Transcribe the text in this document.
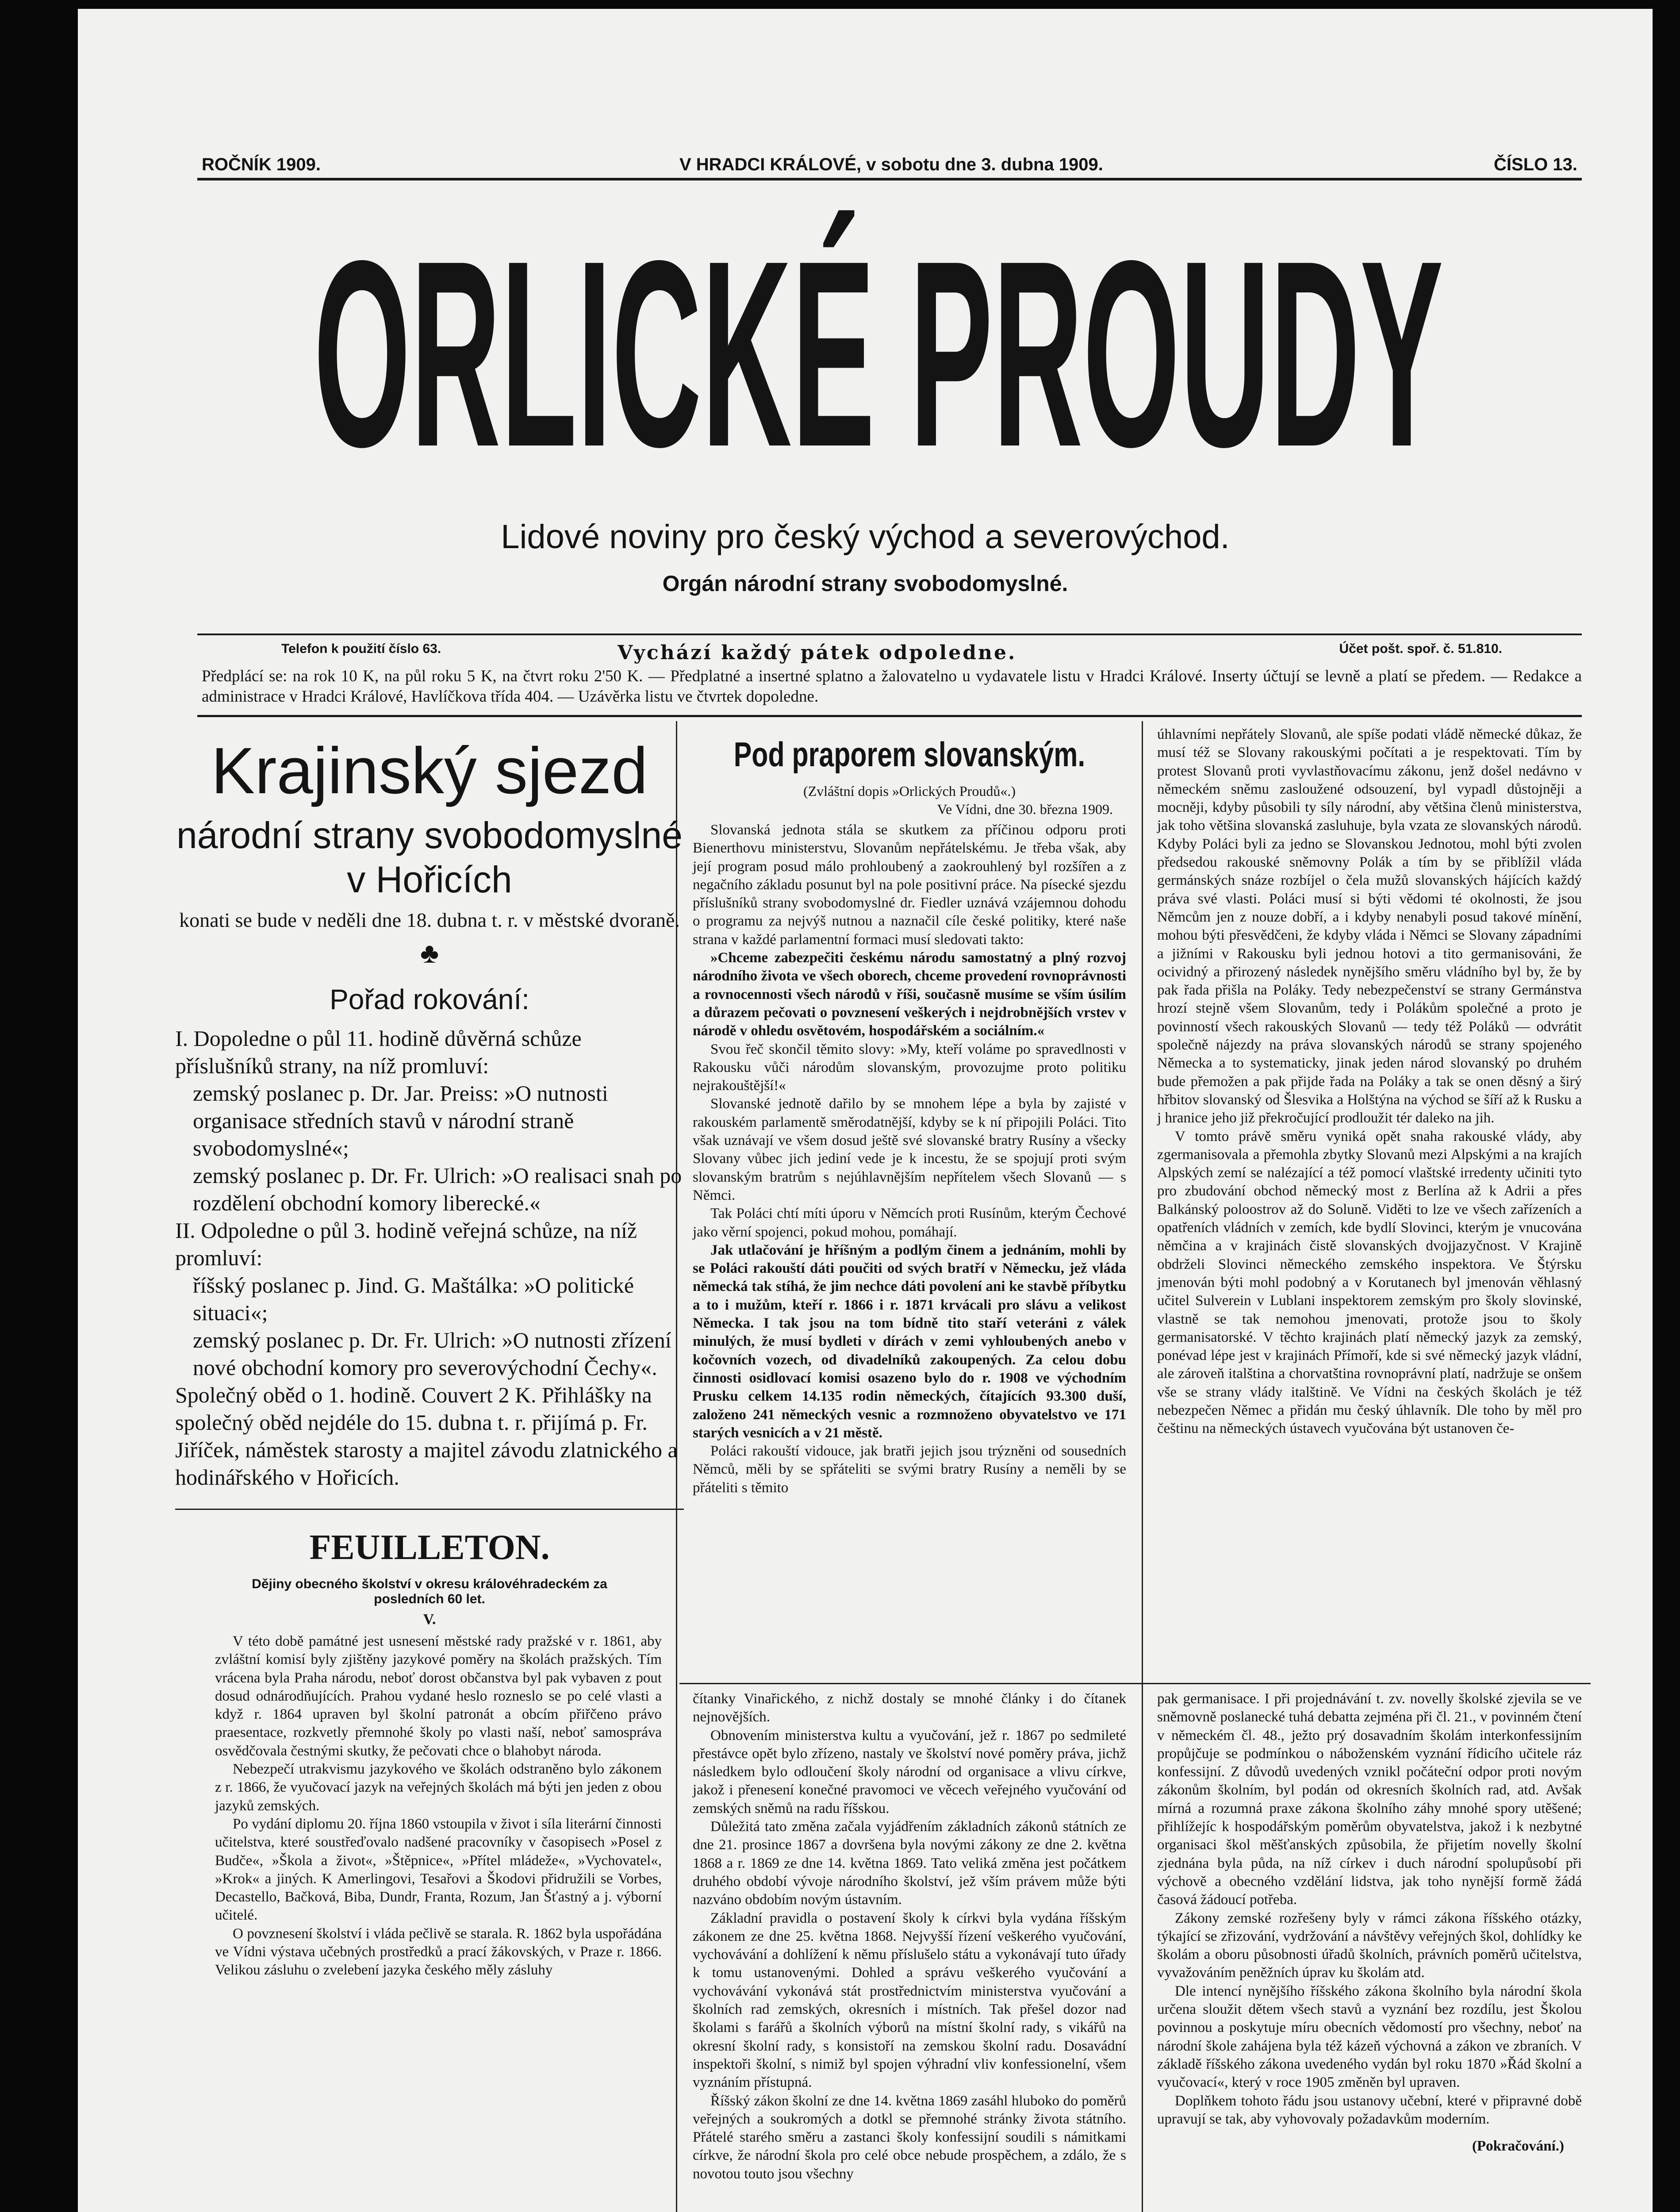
ROČNÍK 1909.	V HRADCI KRÁLOVÉ, v sobotu dne 3. dubna 1909.	ČÍSLO 13.
ORLICKÉ PROUDY
Lidové noviny pro český východ a severovýchod.
Orgán národní strany svobodomyslné.
Telefon k použití číslo 63.	Vychází každý pátek odpoledne.	Účet pošt. spoř. č. 51.810.
Předplácí se: na rok 10 K, na půl roku 5 K, na čtvrt roku 2'50 K. — Předplatné a insertné splatno a žalovatelno u vydavatele listu v Hradci Králové. Inserty účtují se levně a platí se předem. — Redakce a administrace v Hradci Králové, Havlíčkova třída 404. — Uzávěrka listu ve čtvrtek dopoledne.
Krajinský sjezd
národní strany svobodomyslné v Hořicích
konati se bude v neděli dne 18. dubna t. r. v městské dvoraně.
♣
Pořad rokování:
I. Dopoledne o půl 11. hodině důvěrná schůze příslušníků strany, na níž promluví:
zemský poslanec p. Dr. Jar. Preiss: »O nutnosti organisace středních stavů v národní straně svobodomyslné«;
zemský poslanec p. Dr. Fr. Ulrich: »O realisaci snah po rozdělení obchodní komory liberecké.«
II. Odpoledne o půl 3. hodině veřejná schůze, na níž promluví:
říšský poslanec p. Jind. G. Maštálka: »O politické situaci«;
zemský poslanec p. Dr. Fr. Ulrich: »O nutnosti zřízení nové obchodní komory pro severovýchodní Čechy«.
Společný oběd o 1. hodině. Couvert 2 K. Přihlášky na společný oběd nejdéle do 15. dubna t. r. přijímá p. Fr. Jiříček, náměstek starosty a majitel závodu zlatnického a hodinářského v Hořicích.
FEUILLETON.
Dějiny obecného školství v okresu královéhradeckém za posledních 60 let.
V.

V této době památné jest usnesení městské rady pražské v r. 1861, aby zvláštní komisí byly zjištěny jazykové poměry na školách pražských. Tím vrácena byla Praha národu, neboť dorost občanstva byl pak vybaven z pout dosud odnárodňujících. Prahou vydané heslo rozneslo se po celé vlasti a když r. 1864 upraven byl školní patronát a obcím přiřčeno právo praesentace, rozkvetly přemnohé školy po vlasti naší, neboť samospráva osvědčovala čestnými skutky, že pečovati chce o blahobyt národa.

Nebezpečí utrakvismu jazykového ve školách odstraněno bylo zákonem z r. 1866, že vyučovací jazyk na veřejných školách má býti jen jeden z obou jazyků zemských.

Po vydání diplomu 20. října 1860 vstoupila v život i síla literární činnosti učitelstva, které soustřeďovalo nadšené pracovníky v časopisech »Posel z Budče«, »Škola a život«, »Štěpnice«, »Přítel mládeže«, »Vychovatel«, »Krok« a jiných. K Amerlingovi, Tesařovi a Škodovi přidružili se Vorbes, Decastello, Bačková, Biba, Dundr, Franta, Rozum, Jan Šťastný a j. výborní učitelé.

O povznesení školství i vláda pečlivě se starala. R. 1862 byla uspořádána ve Vídni výstava učebných prostředků a prací žákovských, v Praze r. 1866. Velikou zásluhu o zvelebení jazyka českého měly zásluhy

Pod praporem slovanským.
(Zvláštní dopis »Orlických Proudů«.)
Ve Vídni, dne 30. března 1909.

Slovanská jednota stála se skutkem za příčinou odporu proti Bienerthovu ministerstvu, Slovanům nepřátelskému. Je třeba však, aby její program posud málo prohloubený a zaokrouhlený byl rozšířen a z negačního základu posunut byl na pole positivní práce. Na písecké sjezdu příslušníků strany svobodomyslné dr. Fiedler uznává vzájemnou dohodu o programu za nejvýš nutnou a naznačil cíle české politiky, které naše strana v každé parlamentní formaci musí sledovati takto:

»Chceme zabezpečiti českému národu samostatný a plný rozvoj národního života ve všech oborech, chceme provedení rovnoprávnosti a rovnocennosti všech národů v říši, současně musíme se vším úsilím a důrazem pečovati o povznesení veškerých i nejdrobnějších vrstev v národě v ohledu osvětovém, hospodářském a sociálním.«

Svou řeč skončil těmito slovy: »My, kteří voláme po spravedlnosti v Rakousku vůči národům slovanským, provozujme proto politiku nejrakouštější!«

Slovanské jednotě dařilo by se mnohem lépe a byla by zajisté v rakouském parlamentě směrodatnější, kdyby se k ní připojili Poláci. Tito však uznávají ve všem dosud ještě své slovanské bratry Rusíny a všecky Slovany vůbec jich jediní vede je k incestu, že se spojují proti svým slovanským bratrům s nejúhlavnějším nepřítelem všech Slovanů — s Němci.

Tak Poláci chtí míti úporu v Němcích proti Rusínům, kterým Čechové jako věrní spojenci, pokud mohou, pomáhají.

Jak utlačování je hříšným a podlým činem a jednáním, mohli by se Poláci rakouští dáti poučiti od svých bratří v Německu, jež vláda německá tak stíhá, že jim nechce dáti povolení ani ke stavbě příbytku a to i mužům, kteří r. 1866 i r. 1871 krvácali pro slávu a velikost Německa. I tak jsou na tom bídně tito staří veteráni z válek minulých, že musí bydleti v dírách v zemi vyhloubených anebo v kočovních vozech, od divadelníků zakoupených. Za celou dobu činnosti osidlovací komisi osazeno bylo do r. 1908 ve východním Prusku celkem 14.135 rodin německých, čítajících 93.300 duší, založeno 241 německých vesnic a rozmnoženo obyvatelstvo ve 171 starých vesnicích a v 21 městě.

Poláci rakouští vidouce, jak bratři jejich jsou trýzněni od sousedních Němců, měli by se spřáteliti se svými bratry Rusíny a neměli by se přáteliti s těmito

čítanky Vinařického, z nichž dostaly se mnohé články i do čítanek nejnovějších.

Obnovením ministerstva kultu a vyučování, jež r. 1867 po sedmileté přestávce opět bylo zřízeno, nastaly ve školství nové poměry práva, jichž následkem bylo odloučení školy národní od organisace a vlivu církve, jakož i přenesení konečné pravomoci ve věcech veřejného vyučování od zemských sněmů na radu říšskou.

Důležitá tato změna začala vyjádřením základních zákonů státních ze dne 21. prosince 1867 a dovršena byla novými zákony ze dne 2. května 1868 a r. 1869 ze dne 14. května 1869. Tato veliká změna jest počátkem druhého období vývoje národního školství, jež vším právem může býti nazváno obdobím novým ústavním.

Základní pravidla o postavení školy k církvi byla vydána říšským zákonem ze dne 25. května 1868. Nejvyšší řízení veškerého vyučování, vychovávání a dohlížení k němu příslušelo státu a vykonávají tuto úřady k tomu ustanovenými. Dohled a správu veškerého vyučování a vychovávání vykonává stát prostřednictvím ministerstva vyučování a školních rad zemských, okresních i místních. Tak přešel dozor nad školami s farářů a školních výborů na místní školní rady, s vikářů na okresní školní rady, s konsistoří na zemskou školní radu. Dosavádní inspektoři školní, s nimiž byl spojen výhradní vliv konfessionelní, všem vyznáním přístupná.

Říšský zákon školní ze dne 14. května 1869 zasáhl hluboko do poměrů veřejných a soukromých a dotkl se přemnohé stránky života státního. Přátelé starého směru a zastanci školy konfessijní soudili s námitkami církve, že národní škola pro celé obce nebude prospěchem, a zdálo, že s novotou touto jsou všechny

úhlavními nepřátely Slovanů, ale spíše podati vládě německé důkaz, že musí též se Slovany rakouskými počítati a je respektovati. Tím by protest Slovanů proti vyvlastňovacímu zákonu, jenž došel nedávno v německém sněmu zasloužené odsouzení, byl vypadl důstojněji a mocněji, kdyby působili ty síly národní, aby většina členů ministerstva, jak toho většina slovanská zasluhuje, byla vzata ze slovanských národů. Kdyby Poláci byli za jedno se Slovanskou Jednotou, mohl býti zvolen předsedou rakouské sněmovny Polák a tím by se přiblížil vláda germánských snáze rozbíjel o čela mužů slovanských hájících každý práva své vlasti. Poláci musí si býti vědomi té okolnosti, že jsou Němcům jen z nouze dobří, a i kdyby nenabyli posud takové mínění, mohou býti přesvědčeni, že kdyby vláda i Němci se Slovany západními a jižními v Rakousku byli jednou hotovi a tito germanisováni, že ocividný a přirozený následek nynějšího směru vládního byl by, že by pak řada přišla na Poláky. Tedy nebezpečenství se strany Germánstva hrozí stejně všem Slovanům, tedy i Polákům společné a proto je povinností všech rakouských Slovanů — tedy též Poláků — odvrátit společně nájezdy na práva slovanských národů se strany spojeného Německa a to systematicky, jinak jeden národ slovanský po druhém bude přemožen a pak přijde řada na Poláky a tak se onen děsný a širý hřbitov slovanský od Šlesvika a Holštýna na východ se šíří až k Rusku a j hranice jeho již překročující prodloužit tér daleko na jih.

V tomto právě směru vyniká opět snaha rakouské vlády, aby zgermanisovala a přemohla zbytky Slovanů mezi Alpskými a na krajích Alpských zemí se nalézající a též pomocí vlaštské irredenty učiniti tyto pro zbudování obchod německý most z Berlína až k Adrii a přes Balkánský poloostrov až do Soluně. Viděti to lze ve všech zařízeních a opatřeních vládních v zemích, kde bydlí Slovinci, kterým je vnucována němčina a v krajinách čistě slovanských dvojjazyčnost. V Krajině obdrželi Slovinci německého zemského inspektora. Ve Štýrsku jmenován býti mohl podobný a v Korutanech byl jmenován věhlasný učitel Sulverein v Lublani inspektorem zemským pro školy slovinské, vlastně se tak nemohou jmenovati, protože jsou to školy germanisatorské. V těchto krajinách platí německý jazyk za zemský, ponévad lépe jest v krajinách Přímoří, kde si své německý jazyk vládní, ale zároveň italština a chorvatština rovnoprávní platí, nadržuje se onšem vše se strany vlády italštině. Ve Vídni na českých školách je též nebezpečen Němec a přidán mu český úhlavník. Dle toho by měl pro češtinu na německých ústavech vyučována být ustanoven če-

pak germanisace. I při projednávání t. zv. novelly školské zjevila se ve sněmovně poslanecké tuhá debatta zejména při čl. 21., v povinném čtení v německém čl. 48., ježto prý dosavadním školám interkonfessijním propůjčuje se podmínkou o náboženském vyznání řídicího učitele ráz konfessijní. Z důvodů uvedených vznikl počáteční odpor proti novým zákonům školním, byl podán od okresních školních rad, atd. Avšak mírná a rozumná praxe zákona školního záhy mnohé spory utěšené; přihlížejíc k hospodářským poměrům obyvatelstva, jakož i k nezbytné organisaci škol měšťanských způsobila, že přijetím novelly školní zjednána byla půda, na níž církev i duch národní spolupůsobí při výchově a obecného vzdělání lidstva, jak toho nynější formě žádá časová žádoucí potřeba.

Zákony zemské rozřešeny byly v rámci zákona říšského otázky, týkající se zřizování, vydržování a návštěvy veřejných škol, dohlídky ke školám a oboru působnosti úřadů školních, právních poměrů učitelstva, vyvažováním peněžních úprav ku školám atd.

Dle intencí nynějšího říšského zákona školního byla národní škola určena sloužit dětem všech stavů a vyznání bez rozdílu, jest Školou povinnou a poskytuje míru obecních vědomostí pro všechny, neboť na národní škole zahájena byla též kázeň výchovná a zákon ve zbraních. V základě říšského zákona uvedeného vydán byl roku 1870 »Řád školní a vyučovací«, který v roce 1905 změněn byl upraven.

Doplňkem tohoto řádu jsou ustanovy učební, které v připravné době upravují se tak, aby vyhovovaly požadavkům moderním.

(Pokračování.)
